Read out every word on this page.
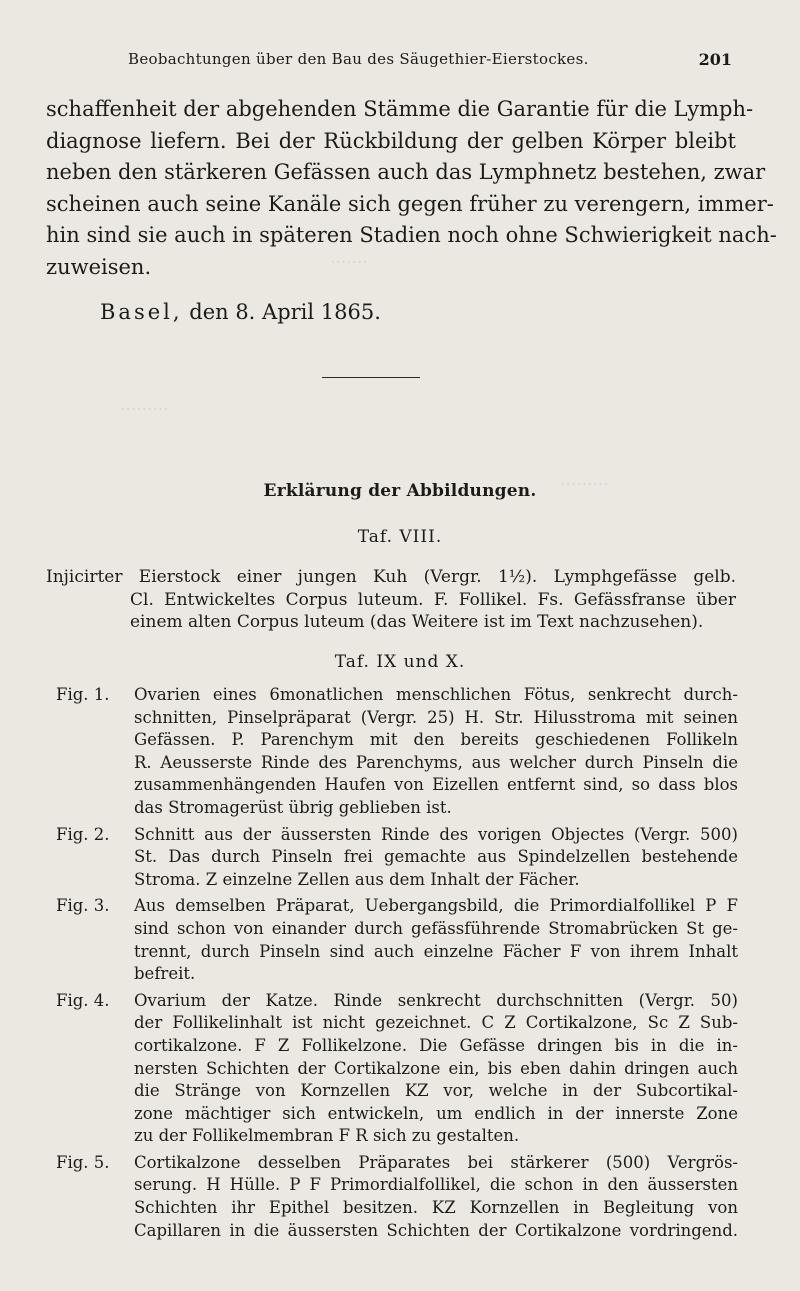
.......
.........
.........
Beobachtungen über den Bau des Säugethier-Eierstockes.	201
schaffenheit der abgehenden Stämme die Garantie für die Lymph-
diagnose liefern. Bei der Rückbildung der gelben Körper bleibt
neben den stärkeren Gefässen auch das Lymphnetz bestehen, zwar
scheinen auch seine Kanäle sich gegen früher zu verengern, immer-
hin sind sie auch in späteren Stadien noch ohne Schwierigkeit nach-
zuweisen.
Basel, den 8. April 1865.
Erklärung der Abbildungen.
Taf. VIII.
Injicirter Eierstock einer jungen Kuh (Vergr. 1½). Lymphgefässe gelb.
Cl. Entwickeltes Corpus luteum. F. Follikel. Fs. Gefässfranse über
einem alten Corpus luteum (das Weitere ist im Text nachzusehen).
Taf. IX und X.
Fig. 1.	Ovarien eines 6monatlichen menschlichen Fötus, senkrecht durch-
schnitten, Pinselpräparat (Vergr. 25) H. Str. Hilusstroma mit seinen
Gefässen. P. Parenchym mit den bereits geschiedenen Follikeln
R. Aeusserste Rinde des Parenchyms, aus welcher durch Pinseln die
zusammenhängenden Haufen von Eizellen entfernt sind, so dass blos
das Stromagerüst übrig geblieben ist.
Fig. 2.	Schnitt aus der äussersten Rinde des vorigen Objectes (Vergr. 500)
St. Das durch Pinseln frei gemachte aus Spindelzellen bestehende
Stroma. Z einzelne Zellen aus dem Inhalt der Fächer.
Fig. 3.	Aus demselben Präparat, Uebergangsbild, die Primordialfollikel P F
sind schon von einander durch gefässführende Stromabrücken St ge-
trennt, durch Pinseln sind auch einzelne Fächer F von ihrem Inhalt
befreit.
Fig. 4.	Ovarium der Katze. Rinde senkrecht durchschnitten (Vergr. 50)
der Follikelinhalt ist nicht gezeichnet. C Z Cortikalzone, Sc Z Sub-
cortikalzone. F Z Follikelzone. Die Gefässe dringen bis in die in-
nersten Schichten der Cortikalzone ein, bis eben dahin dringen auch
die Stränge von Kornzellen KZ vor, welche in der Subcortikal-
zone mächtiger sich entwickeln, um endlich in der innerste Zone
zu der Follikelmembran F R sich zu gestalten.
Fig. 5.	Cortikalzone desselben Präparates bei stärkerer (500) Vergrös-
serung. H Hülle. P F Primordialfollikel, die schon in den äussersten
Schichten ihr Epithel besitzen. KZ Kornzellen in Begleitung von
Capillaren in die äussersten Schichten der Cortikalzone vordringend.
